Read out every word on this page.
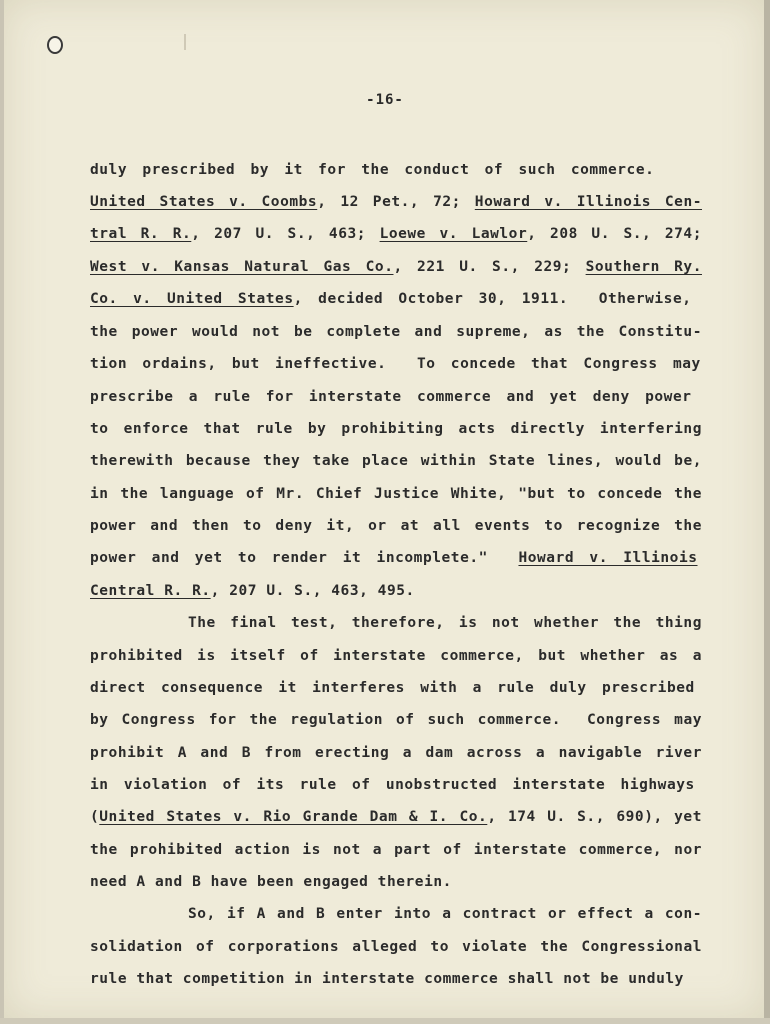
-16-
duly prescribed by it for the conduct of such commerce.
United States v. Coombs, 12 Pet., 72; Howard v. Illinois Cen-
tral R. R., 207 U. S., 463; Loewe v. Lawlor, 208 U. S., 274;
West v. Kansas Natural Gas Co., 221 U. S., 229; Southern Ry.
Co. v. United States, decided October 30, 1911.  Otherwise,
the power would not be complete and supreme, as the Constitu-
tion ordains, but ineffective.  To concede that Congress may
prescribe a rule for interstate commerce and yet deny power
to enforce that rule by prohibiting acts directly interfering
therewith because they take place within State lines, would be,
in the language of Mr. Chief Justice White, "but to concede the
power and then to deny it, or at all events to recognize the
power and yet to render it incomplete."  Howard v. Illinois
Central R. R., 207 U. S., 463, 495.
The final test, therefore, is not whether the thing
prohibited is itself of interstate commerce, but whether as a
direct consequence it interferes with a rule duly prescribed
by Congress for the regulation of such commerce.  Congress may
prohibit A and B from erecting a dam across a navigable river
in violation of its rule of unobstructed interstate highways
(United States v. Rio Grande Dam & I. Co., 174 U. S., 690), yet
the prohibited action is not a part of interstate commerce, nor
need A and B have been engaged therein.
So, if A and B enter into a contract or effect a con-
solidation of corporations alleged to violate the Congressional
rule that competition in interstate commerce shall not be unduly
